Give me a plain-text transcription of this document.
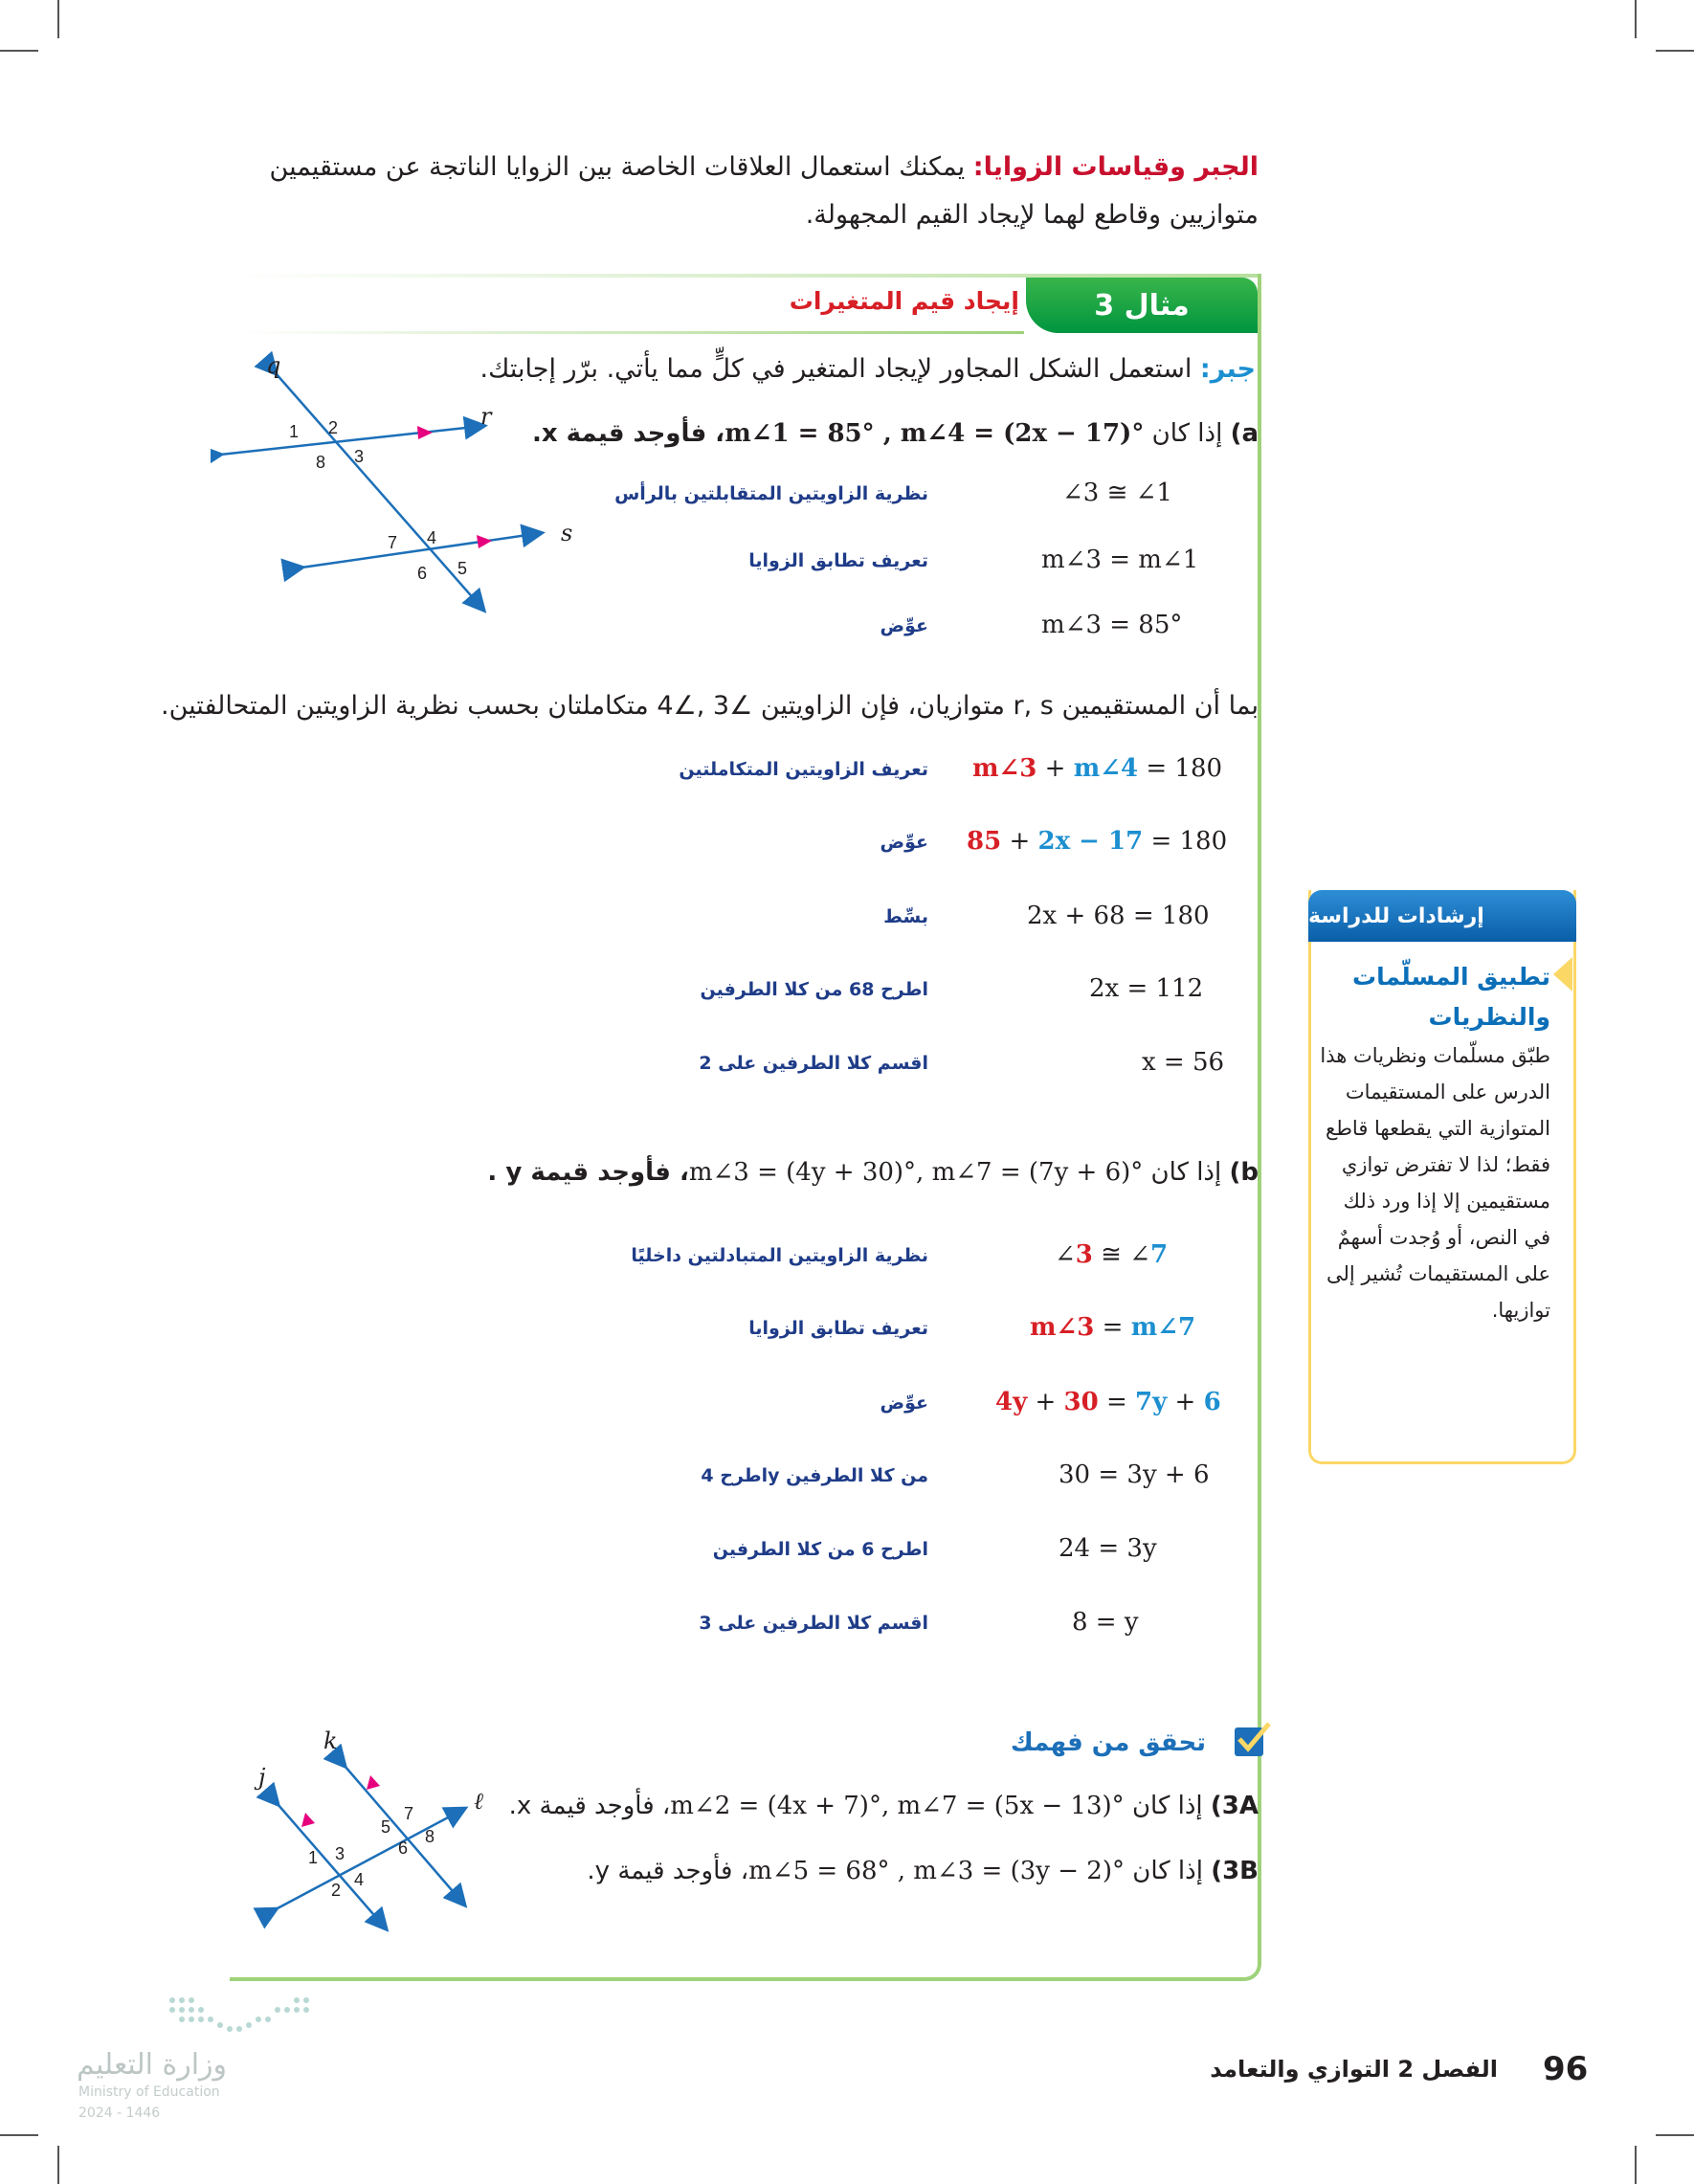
الجبر وقياسات الزوايا: يمكنك استعمال العلاقات الخاصة بين الزوايا الناتجة عن مستقيمين متوازيين وقاطع لهما لإيجاد القيم المجهولة.
مثال 3
إيجاد قيم المتغيرات
جبر: استعمل الشكل المجاور لإيجاد المتغير في كلٍّ مما يأتي. برّر إجابتك.
q
r
s
1 2
3
8
7 4
5
6
a) إذا كان m∠1 = 85° , m∠4 = (2x − 17)°، فأوجد قيمة x.
∠3 ≅ ∠1
نظرية الزاويتين المتقابلتين بالرأس
m∠3 = m∠1
تعريف تطابق الزوايا
m∠3 = 85°
عوِّض
بما أن المستقيمين r, s متوازيان، فإن الزاويتين ∠3 ,∠4 متكاملتان بحسب نظرية الزاويتين المتحالفتين.
m∠3 + m∠4 = 180
تعريف الزاويتين المتكاملتين
85 + 2x − 17 = 180
عوِّض
2x + 68 = 180
بسِّط
2x = 112
اطرح 68 من كلا الطرفين
x = 56
اقسم كلا الطرفين على 2
b) إذا كان m∠3 = (4y + 30)°, m∠7 = (7y + 6)°، فأوجد قيمة y .
∠3 ≅ ∠7
نظرية الزاويتين المتبادلتين داخليًا
m∠3 = m∠7
تعريف تطابق الزوايا
4y + 30 = 7y + 6
عوِّض
30 = 3y + 6
اطرح 4y من كلا الطرفين
24 = 3y
اطرح 6 من كلا الطرفين
8 = y
اقسم كلا الطرفين على 3
إرشادات للدراسة
تطبيق المسلّمات والنظريات
طبّق مسلّمات ونظريات هذا الدرس على المستقيمات المتوازية التي يقطعها قاطع فقط؛ لذا لا تفترض توازي مستقيمين إلا إذا ورد ذلك في النص، أو وُجدت أسهمٌ على المستقيمات تُشير إلى توازيها.
تحقق من فهمك
3A) إذا كان m∠2 = (4x + 7)°, m∠7 = (5x − 13)°، فأوجد قيمة x.
3B) إذا كان m∠5 = 68° , m∠3 = (3y − 2)°، فأوجد قيمة y.
j
k
ℓ
1
2
3
4
5
6
7
8
وزارة التعليم
Ministry of Education
2024 - 1446
الفصل 2 التوازي والتعامد 96
